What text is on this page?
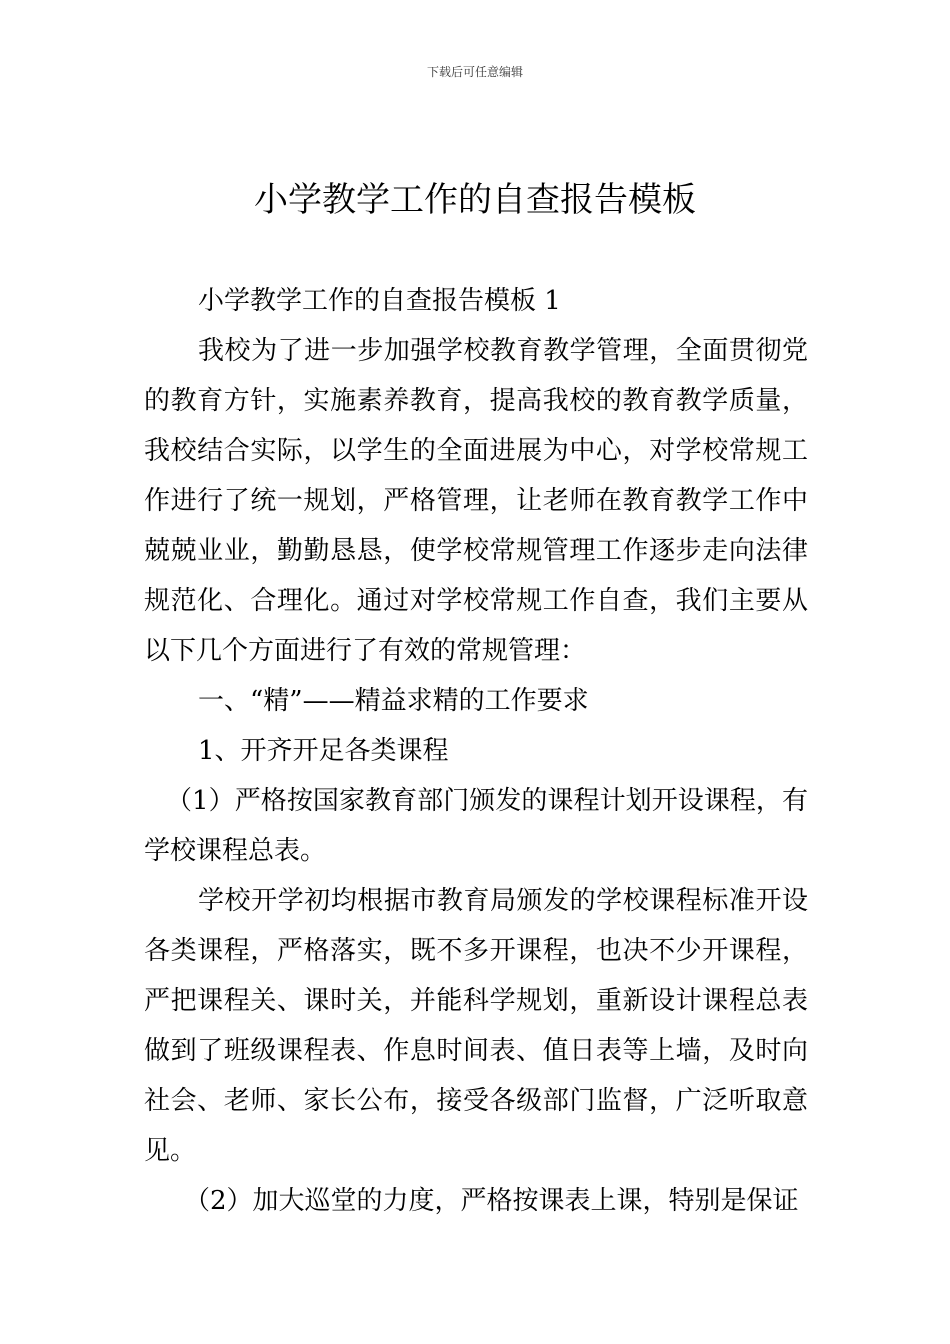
下载后可任意编辑
小学教学工作的自查报告模板

小学教学工作的自查报告模板 1

我校为了进一步加强学校教育教学管理，全面贯彻党的教育方针，实施素养教育，提高我校的教育教学质量，我校结合实际，以学生的全面进展为中心，对学校常规工作进行了统一规划，严格管理，让老师在教育教学工作中兢兢业业，勤勤恳恳，使学校常规管理工作逐步走向法律规范化、合理化。通过对学校常规工作自查，我们主要从以下几个方面进行了有效的常规管理：

一、“精”——精益求精的工作要求

1、开齐开足各类课程

（1）严格按国家教育部门颁发的课程计划开设课程，有学校课程总表。

学校开学初均根据市教育局颁发的学校课程标准开设各类课程，严格落实，既不多开课程，也决不少开课程，严把课程关、课时关，并能科学规划，重新设计课程总表做到了班级课程表、作息时间表、值日表等上墙，及时向社会、老师、家长公布，接受各级部门监督，广泛听取意见。

（2）加大巡堂的力度，严格按课表上课，特别是保证
